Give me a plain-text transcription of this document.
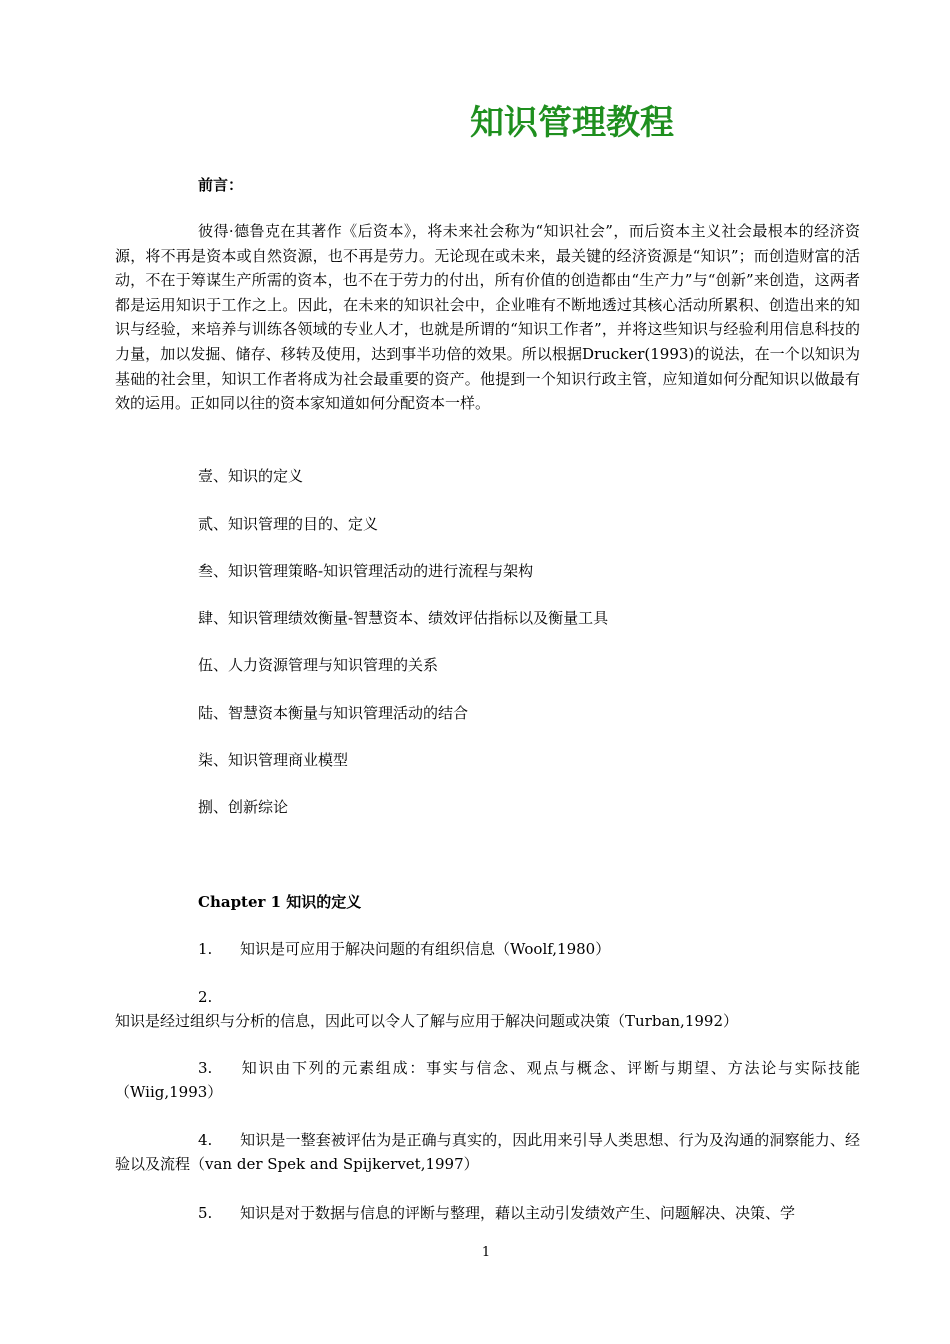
知识管理教程
前言：
彼得·德鲁克在其著作《后资本》，将未来社会称为“知识社会”，而后资本主义社会最根本的经济资源，将不再是资本或自然资源，也不再是劳力。无论现在或未来，最关键的经济资源是“知识”；而创造财富的活动，不在于筹谋生产所需的资本，也不在于劳力的付出，所有价值的创造都由“生产力”与“创新”来创造，这两者都是运用知识于工作之上。因此，在未来的知识社会中，企业唯有不断地透过其核心活动所累积、创造出来的知识与经验，来培养与训练各领域的专业人才，也就是所谓的“知识工作者”，并将这些知识与经验利用信息科技的力量，加以发掘、储存、移转及使用，达到事半功倍的效果。所以根据Drucker(1993)的说法，在一个以知识为基础的社会里，知识工作者将成为社会最重要的资产。他提到一个知识行政主管，应知道如何分配知识以做最有效的运用。正如同以往的资本家知道如何分配资本一样。
壹、知识的定义
贰、知识管理的目的、定义
叁、知识管理策略-知识管理活动的进行流程与架构
肆、知识管理绩效衡量-智慧资本、绩效评估指标以及衡量工具
伍、人力资源管理与知识管理的关系
陆、智慧资本衡量与知识管理活动的结合
柒、知识管理商业模型
捌、创新综论
Chapter 1 知识的定义
1. 知识是可应用于解决问题的有组织信息（Woolf,1980）
2.知识是经过组织与分析的信息，因此可以令人了解与应用于解决问题或决策（Turban,1992）
3. 知识由下列的元素组成：事实与信念、观点与概念、评断与期望、方法论与实际技能（Wiig,1993）
4. 知识是一整套被评估为是正确与真实的，因此用来引导人类思想、行为及沟通的洞察能力、经验以及流程（van der Spek and Spijkervet,1997）
5. 知识是对于数据与信息的评断与整理，藉以主动引发绩效产生、问题解决、决策、学
1
